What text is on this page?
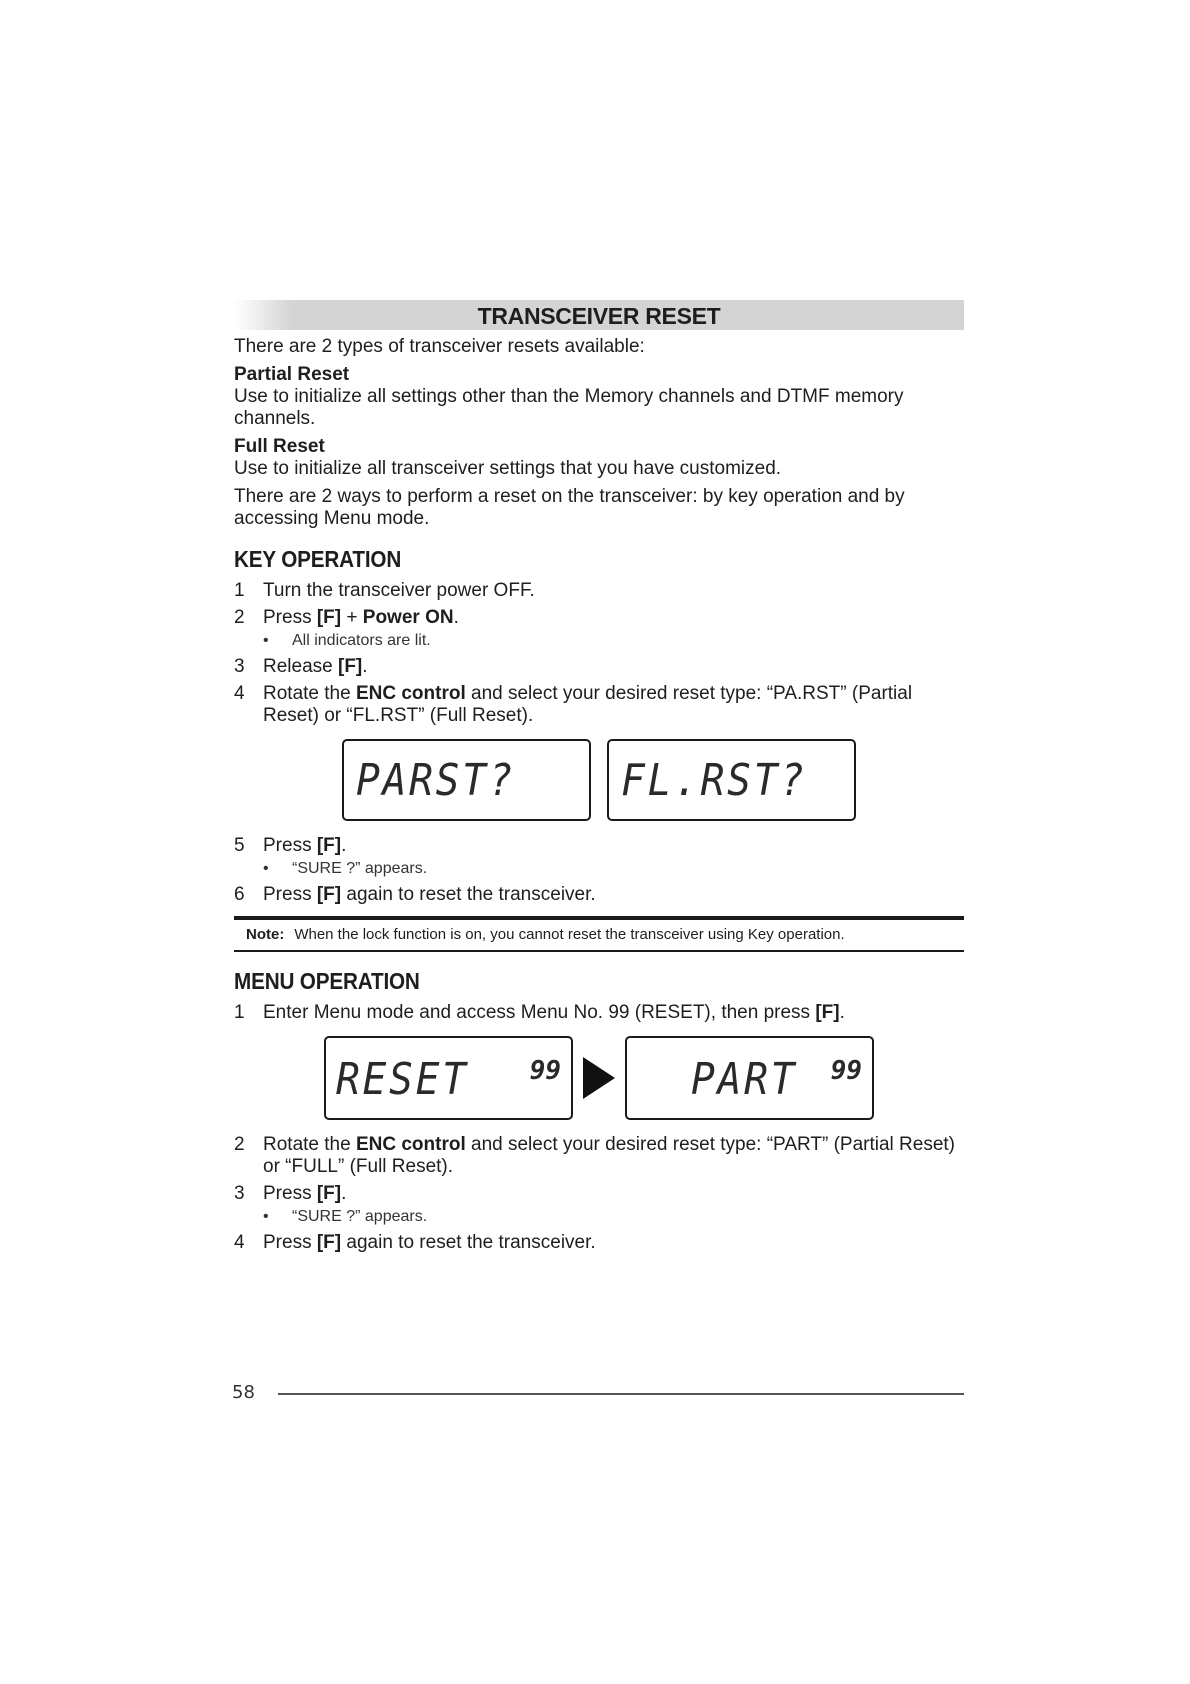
TRANSCEIVER RESET

There are 2 types of transceiver resets available:

Partial Reset

Use to initialize all settings other than the Memory channels and DTMF memory channels.

Full Reset

Use to initialize all transceiver settings that you have customized.

There are 2 ways to perform a reset on the transceiver: by key operation and by accessing Menu mode.

KEY OPERATION
1 Turn the transceiver power OFF.
2 Press [F] + Power ON.
•	All indicators are lit.
3 Release [F].
4 Rotate the ENC control and select your desired reset type: “PA.RST” (Partial Reset) or “FL.RST” (Full Reset).
PARST? FL.RST?
5 Press [F].
•	“SURE ?” appears.
6 Press [F] again to reset the transceiver.
Note: When the lock function is on, you cannot reset the transceiver using Key operation.
MENU OPERATION
1 Enter Menu mode and access Menu No. 99 (RESET), then press [F].
RESET 99	PART 99
2 Rotate the ENC control and select your desired reset type: “PART” (Partial Reset) or “FULL” (Full Reset).
3 Press [F].
•	“SURE ?” appears.
4 Press [F] again to reset the transceiver.
58
